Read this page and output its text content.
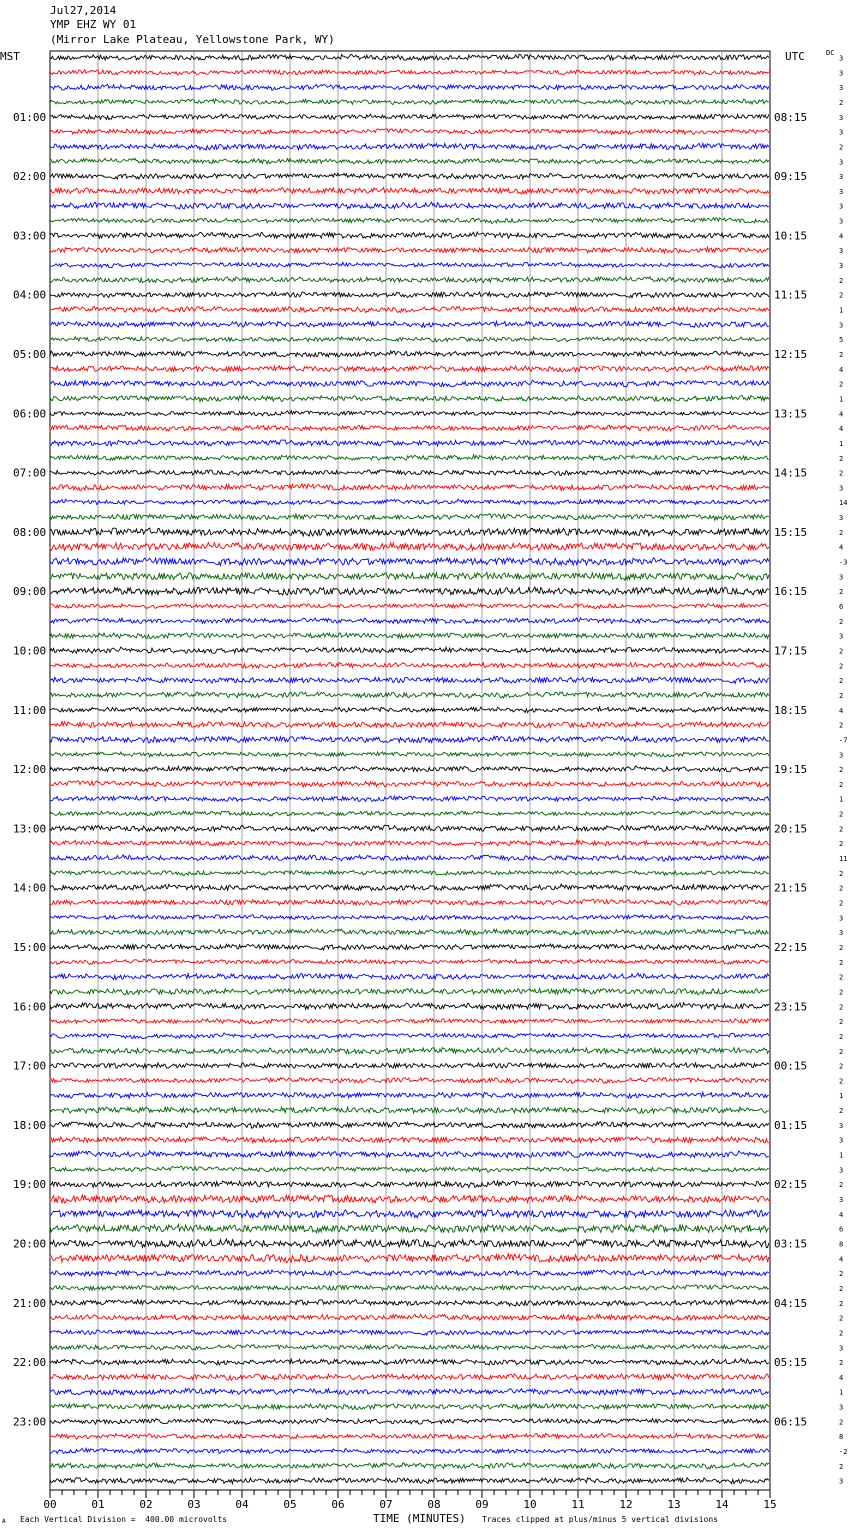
Jul27,2014
YMP EHZ WY 01
(Mirror Lake Plateau, Yellowstone Park, WY)
MST	UTC	DC
3
3
3
2
3
3
2
3
3
3
3
3
4
3
3
2
2
1
3
5
2
4
2
1
4
4
1
2
2
3
14
3
2
4
-3
3
2
6
2
3
2
2
2
2
4
2
-7
3
2
2
1
2
2
2
11
2
2
2
3
3
2
2
2
2
2
2
2
2
2
2
1
2
3
3
1
3
2
3
4
6
8
4
2
2
2
2
2
3
2
4
1
3
2
8
-2
2
3
01:00
02:00
03:00
04:00
05:00
06:00
07:00
08:00
09:00
10:00
11:00
12:00
13:00
14:00
15:00
16:00
17:00
18:00
19:00
20:00
21:00
22:00
23:00
08:15
09:15
10:15
11:15
12:15
13:15
14:15
15:15
16:15
17:15
18:15
19:15
20:15
21:15
22:15
23:15
00:15
01:15
02:15
03:15
04:15
05:15
06:15
00	01	02	03	04	05	06	07	08	09	10	11	12	13	14	15
A Each Vertical Division =  400.00 microvolts	TIME (MINUTES) Traces clipped at plus/minus 5 vertical divisions
